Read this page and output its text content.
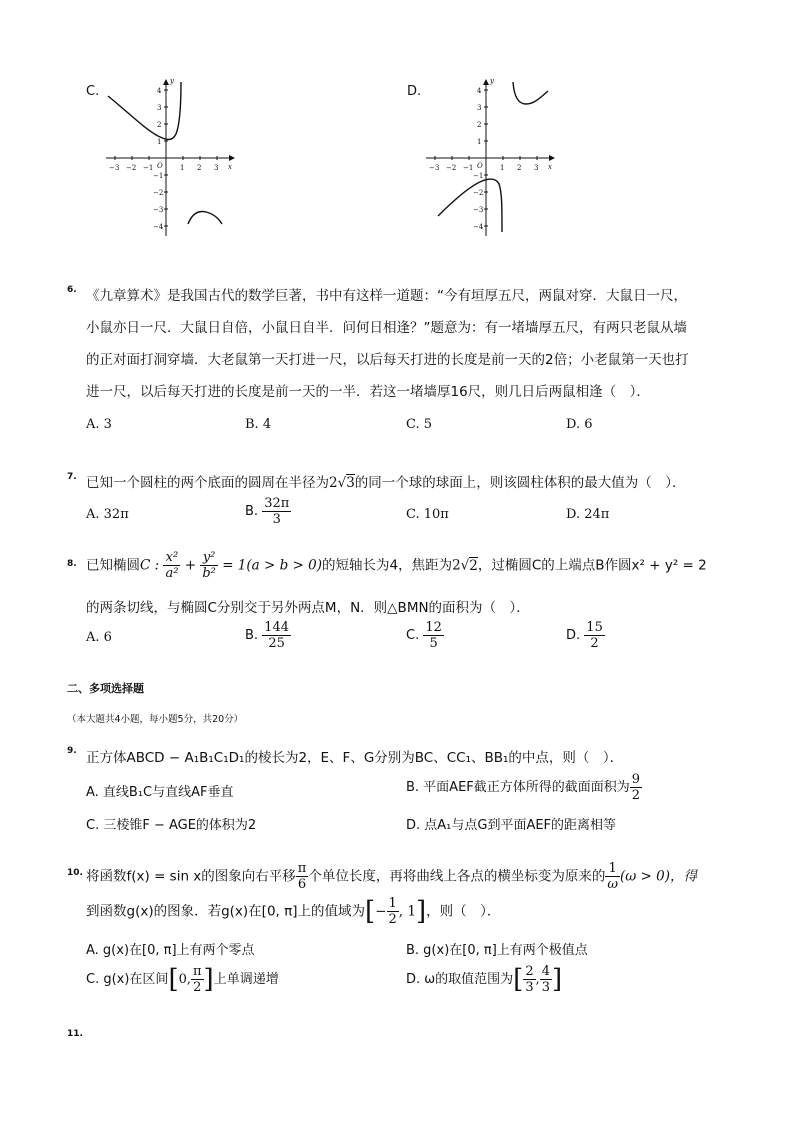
C.	D.
−3 −2 −1	1 2 3
4
3
2
1
−1
−2
−3
−4
O	x
y
−3 −2 −1	1 2 3
4
3
2
1
−1
−2
−3
−4
O	x
y
6. 《九章算术》是我国古代的数学巨著，书中有这样一道题：“今有垣厚五尺，两鼠对穿．大鼠日一尺，
小鼠亦日一尺．大鼠日自倍，小鼠日自半．问何日相逢？”题意为：有一堵墙厚五尺，有两只老鼠从墙
的正对面打洞穿墙．大老鼠第一天打进一尺，以后每天打进的长度是前一天的2倍；小老鼠第一天也打
进一尺，以后每天打进的长度是前一天的一半．若这一堵墙厚16尺，则几日后两鼠相逢（　）．
A. 3	B. 4	C. 5	D. 6
7. 已知一个圆柱的两个底面的圆周在半径为2√3的同一个球的球面上，则该圆柱体积的最大值为（　）．
A. 32π	B. $\frac{32\pi}{3}$	C. 10π	D. 24π
8. 已知椭圆C : $\frac{\text{x²}}{\text{a²}} + \frac{\text{y²}}{\text{b²}} = 1(a > b > 0)$的短轴长为4，焦距为2√2，过椭圆C的上端点B作圆x² + y² = 2
的两条切线，与椭圆C分别交于另外两点M，N．则△BMN的面积为（　）．
A. 6	B. $\frac{144}{25}$	C. $\frac{12}{5}$	D. $\frac{15}{2}$
二、多项选择题
（本大题共4小题，每小题5分，共20分）
9. 正方体ABCD − A₁B₁C₁D₁的棱长为2，E、F、G分别为BC、CC₁、BB₁的中点，则（　）．
A. 直线B₁C与直线AF垂直	B. 平面AEF截正方体所得的截面面积为 $\frac{9}{2}$
C. 三棱锥F − AGE的体积为2	D. 点A₁与点G到平面AEF的距离相等
10. 将函数f(x) = sin x的图象向右平移 $\frac{\pi}{6}$ 个单位长度，再将曲线上各点的横坐标变为原来的 $\frac{1}{\omega} (\omega > 0)$，得
到函数g(x)的图象．若g(x)在[0, π]上的值域为[− $\frac{1}{2}$ , 1]，则（　）．
A. g(x)在[0, π]上有两个零点	B. g(x)在[0, π]上有两个极值点
C. g(x)在区间[0, $\frac{\pi}{2}$ ]上单调递增	D. ω的取值范围为[ $\frac{2}{3}$ , $\frac{4}{3}$ ]
11.
